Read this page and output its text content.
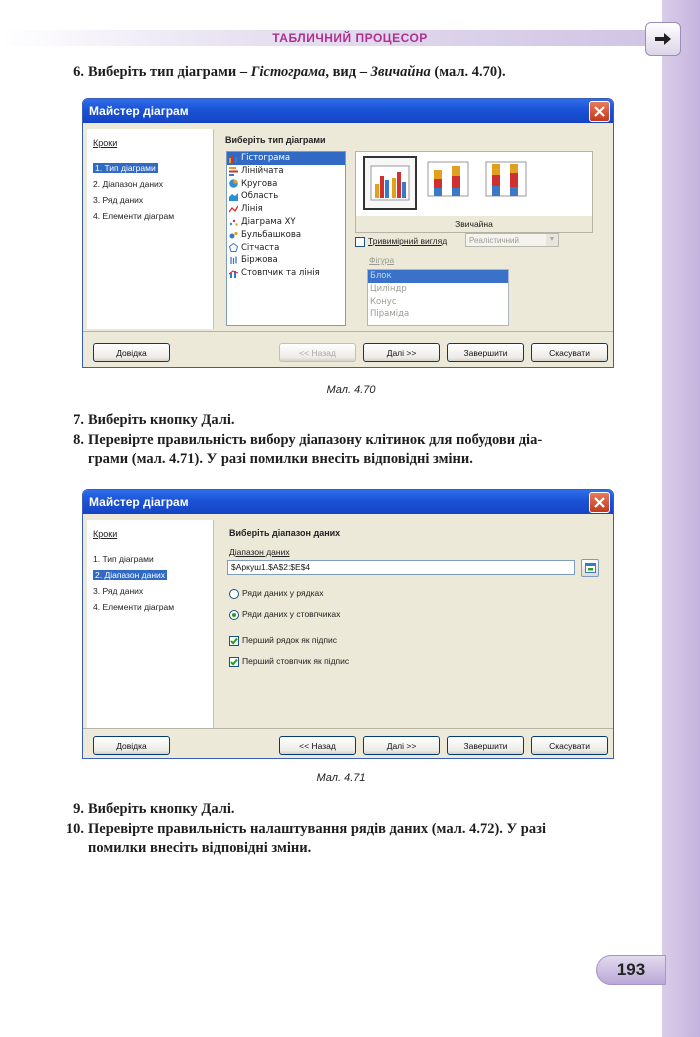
ТАБЛИЧНИЙ ПРОЦЕСОР
6. Виберіть тип діаграми – Гістограма, вид – Звичайна (мал. 4.70).
Майстер діаграм
Кроки
1. Тип діаграми
2. Діапазон даних
3. Ряд даних
4. Елементи діаграм
Виберіть тип діаграми
Гістограма
Лінійчата
Кругова
Область
Лінія
Діаграма XY
Бульбашкова
Сітчаста
Біржова
Стовпчик та лінія
Звичайна
Тривимірний вигляд	Реалістичний	▼
Фігура
Блок
Циліндр
Конус
Піраміда
Довідка	<< Назад	Далі >>	Завершити	Скасувати
Мал. 4.70
7. Виберіть кнопку Далі.
8. Перевірте правильність вибору діапазону клітинок для побудови діа-
грами (мал. 4.71). У разі помилки внесіть відповідні зміни.
Майстер діаграм
Кроки
1. Тип діаграми
2. Діапазон даних
3. Ряд даних
4. Елементи діаграм
Виберіть діапазон даних
Діапазон даних
$Аркуш1.$A$2:$E$4
Ряди даних у рядках
Ряди даних у стовпчиках
Перший рядок як підпис
Перший стовпчик як підпис
Довідка	<< Назад	Далі >>	Завершити	Скасувати
Мал. 4.71
9. Виберіть кнопку Далі.
10. Перевірте правильність налаштування рядів даних (мал. 4.72). У разі
помилки внесіть відповідні зміни.
193
